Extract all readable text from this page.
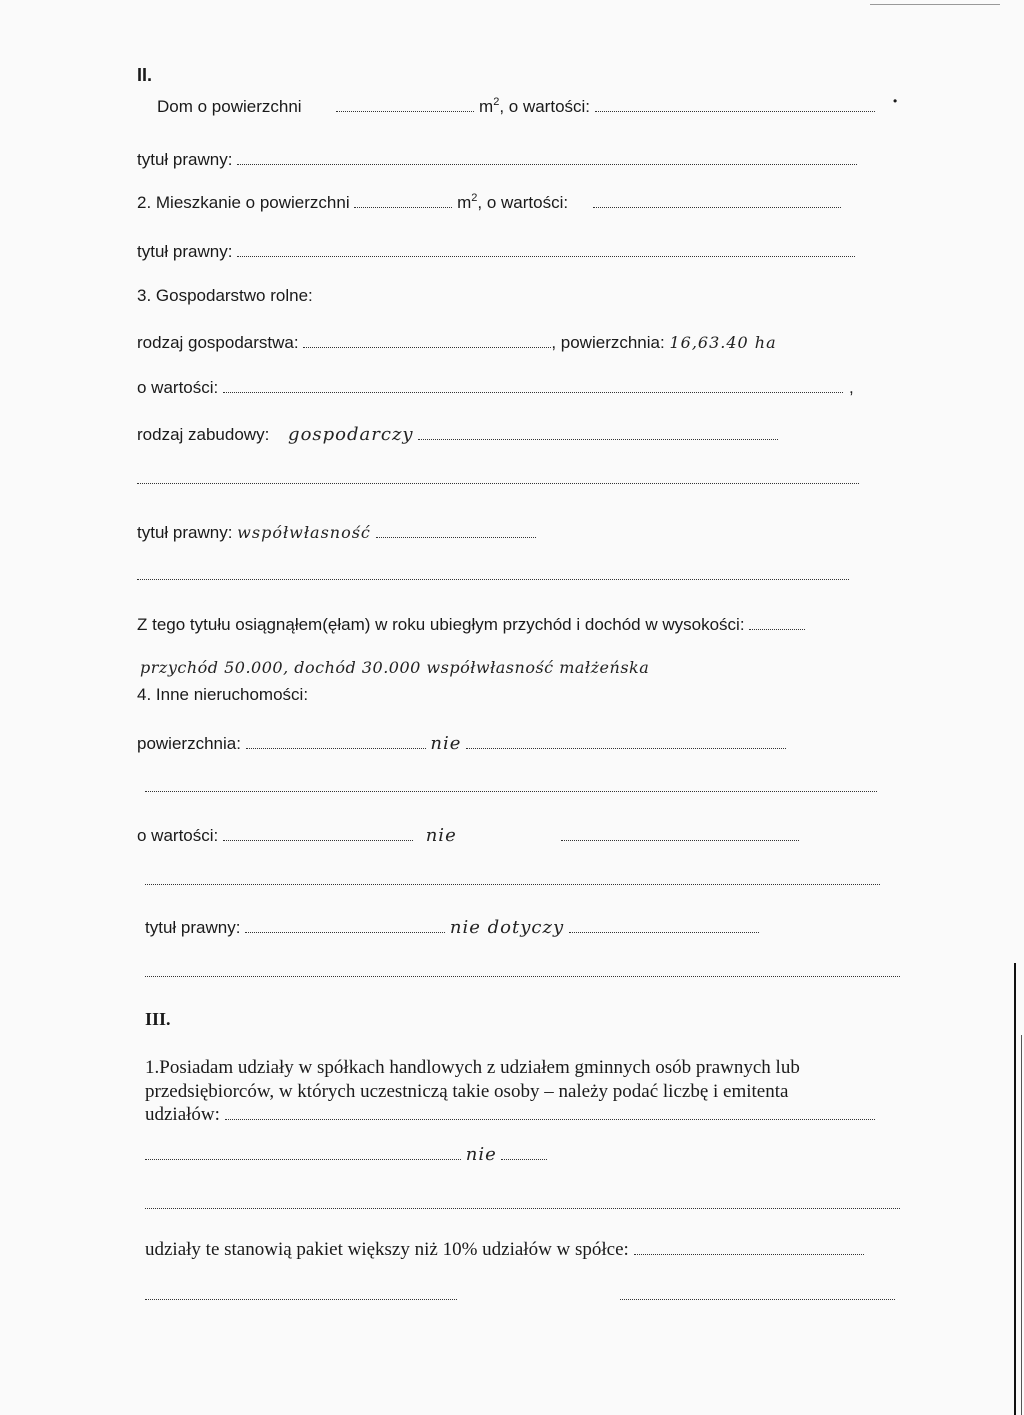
II.
Dom o powierzchni	$m^2$, o wartości:	•
tytuł prawny:
2. Mieszkanie o powierzchni	$m^2$, o wartości:
tytuł prawny:
3. Gospodarstwo rolne:
rodzaj gospodarstwa:	, powierzchnia: 16,63.40 ha
o wartości:	,
rodzaj zabudowy: gospodarczy
tytuł prawny: współwłasność
Z tego tytułu osiągnąłem(ęłam) w roku ubiegłym przychód i dochód w wysokości:
przychód 50.000, dochód 30.000 współwłasność małżeńska
4. Inne nieruchomości:
powierzchnia:	nie
o wartości:	nie
tytuł prawny:	nie dotyczy
III.
1.Posiadam udziały w spółkach handlowych z udziałem gminnych osób prawnych lub
przedsiębiorców, w których uczestniczą takie osoby – należy podać liczbę i emitenta
udziałów:
nie
udziały te stanowią pakiet większy niż 10% udziałów w spółce:
